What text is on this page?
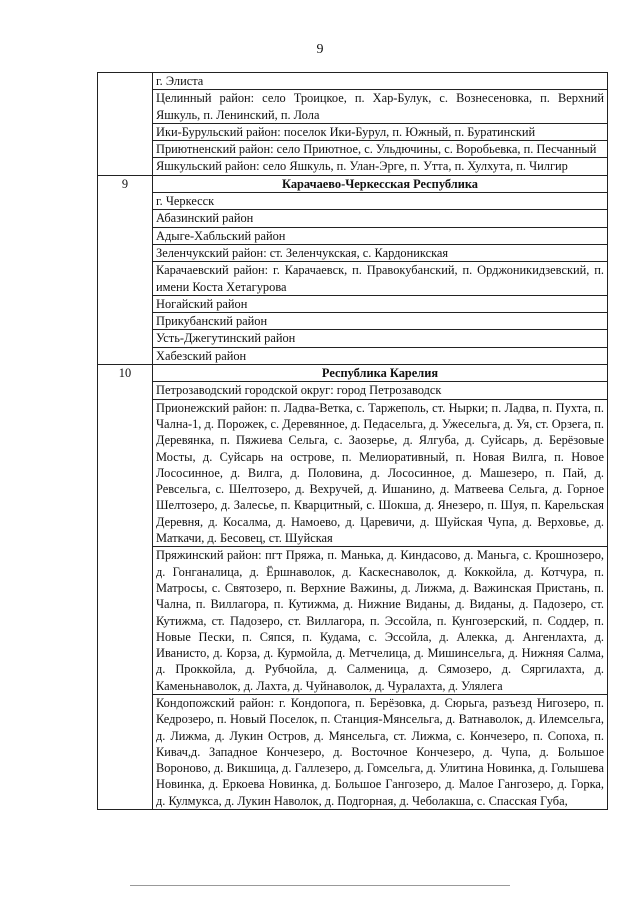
9
	г. Элиста
	Целинный район: село Троицкое, п. Хар-Булук, с. Вознесеновка, п. Верхний Яшкуль, п. Ленинский, п. Лола
	Ики-Бурульский район: поселок Ики-Бурул, п. Южный, п. Буратинский
	Приютненский район: село Приютное, с. Ульдючины, с. Воробьевка, п. Песчанный
	Яшкульский район: село Яшкуль, п. Улан-Эрге, п. Утта, п. Хулхута, п. Чилгир
9	Карачаево-Черкесская Республика
	г. Черкесск
	Абазинский район
	Адыге-Хабльский район
	Зеленчукский район: ст. Зеленчукская, с. Кардоникская
	Карачаевский район: г. Карачаевск, п. Правокубанский, п. Орджоникидзевский, п. имени Коста Хетагурова
	Ногайский район
	Прикубанский район
	Усть-Джегутинский район
	Хабезский район
10	Республика Карелия
	Петрозаводский городской округ: город Петрозаводск
	Прионежский район: п. Ладва-Ветка, с. Таржеполь, ст. Нырки; п. Ладва, п. Пухта, п. Чална-1, д. Порожек, с. Деревянное, д. Педасельга, д. Ужесельга, д. Уя, ст. Орзега, п. Деревянка, п. Пяжиева Сельга, с. Заозерье, д. Ялгуба, д. Суйсарь, д. Берёзовые Мосты, д. Суйсарь на острове, п. Мелиоративный, п. Новая Вилга, п. Новое Лососинное, д. Вилга, д. Половина, д. Лососинное, д. Машезеро, п. Пай, д. Ревсельга, с. Шелтозеро, д. Вехручей, д. Ишанино, д. Матвеева Сельга, д. Горное Шелтозеро, д. Залесье, п. Кварцитный, с. Шокша, д. Янезеро, п. Шуя, п. Карельская Деревня, д. Косалма, д. Намоево, д. Царевичи, д. Шуйская Чупа, д. Верховье, д. Маткачи, д. Бесовец, ст. Шуйская
	Пряжинский район: пгт Пряжа, п. Манька, д. Киндасово, д. Маньга, с. Крошнозеро, д. Гонганалица, д. Ёршнаволок, д. Каскеснаволок, д. Коккойла, д. Котчура, п. Матросы, с. Святозеро, п. Верхние Важины, д. Лижма, д. Важинская Пристань, п. Чална, п. Виллагора, п. Кутижма, д. Нижние Виданы, д. Виданы, д. Падозеро, ст. Кутижма, ст. Падозеро, ст. Виллагора, п. Эссойла, п. Кунгозерский, п. Соддер, п. Новые Пески, п. Сяпся, п. Кудама, с. Эссойла, д. Алекка, д. Ангенлахта, д. Иванисто, д. Корза, д. Курмойла, д. Метчелица, д. Мишинсельга, д. Нижняя Салма, д. Проккойла, д. Рубчойла, д. Салменица, д. Сямозеро, д. Сяргилахта, д. Каменьнаволок, д. Лахта, д. Чуйнаволок, д. Чуралахта, д. Улялега
	Кондопожский район: г. Кондопога, п. Берёзовка, д. Сюрьга, разъезд Нигозеро, п. Кедрозеро, п. Новый Поселок, п. Станция-Мянсельга, д. Ватнаволок, д. Илемсельга, д. Лижма, д. Лукин Остров, д. Мянсельга, ст. Лижма, с. Кончезеро, п. Сопоха, п. Кивач,д. Западное Кончезеро, д. Восточное Кончезеро, д. Чупа, д. Большое Вороново, д. Викшица, д. Галлезеро, д. Гомсельга, д. Улитина Новинка, д. Голышева Новинка, д. Еркоева Новинка, д. Большое Гангозеро, д. Малое Гангозеро, д. Горка, д. Кулмукса, д. Лукин Наволок, д. Подгорная, д. Чеболакша, с. Спасская Губа,
